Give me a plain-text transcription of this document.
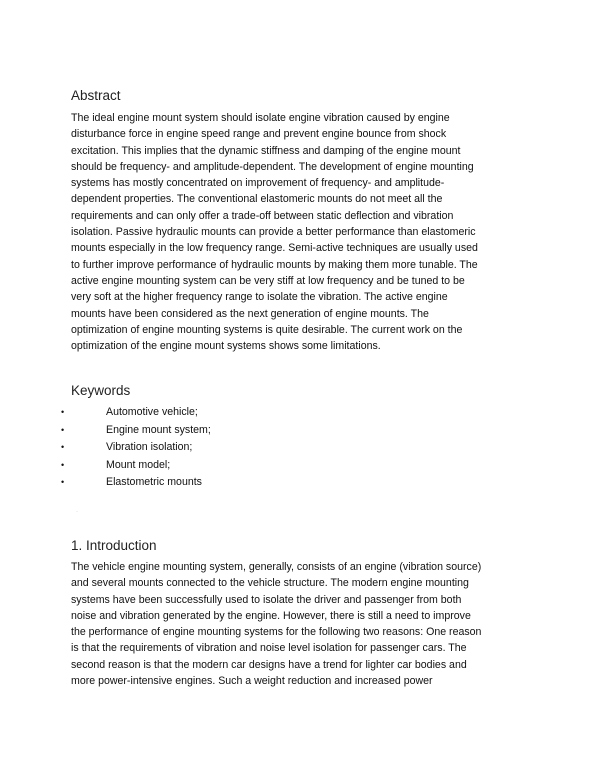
Abstract

The ideal engine mount system should isolate engine vibration caused by engine
disturbance force in engine speed range and prevent engine bounce from shock
excitation. This implies that the dynamic stiffness and damping of the engine mount
should be frequency- and amplitude-dependent. The development of engine mounting
systems has mostly concentrated on improvement of frequency- and amplitude-
dependent properties. The conventional elastomeric mounts do not meet all the
requirements and can only offer a trade-off between static deflection and vibration
isolation. Passive hydraulic mounts can provide a better performance than elastomeric
mounts especially in the low frequency range. Semi-active techniques are usually used
to further improve performance of hydraulic mounts by making them more tunable. The
active engine mounting system can be very stiff at low frequency and be tuned to be
very soft at the higher frequency range to isolate the vibration. The active engine
mounts have been considered as the next generation of engine mounts. The
optimization of engine mounting systems is quite desirable. The current work on the
optimization of the engine mount systems shows some limitations.

Keywords
•	Automotive vehicle;
•	Engine mount system;
•	Vibration isolation;
•	Mount model;
•	Elastometric mounts
·
1. Introduction

The vehicle engine mounting system, generally, consists of an engine (vibration source)
and several mounts connected to the vehicle structure. The modern engine mounting
systems have been successfully used to isolate the driver and passenger from both
noise and vibration generated by the engine. However, there is still a need to improve
the performance of engine mounting systems for the following two reasons: One reason
is that the requirements of vibration and noise level isolation for passenger cars. The
second reason is that the modern car designs have a trend for lighter car bodies and
more power-intensive engines. Such a weight reduction and increased power
